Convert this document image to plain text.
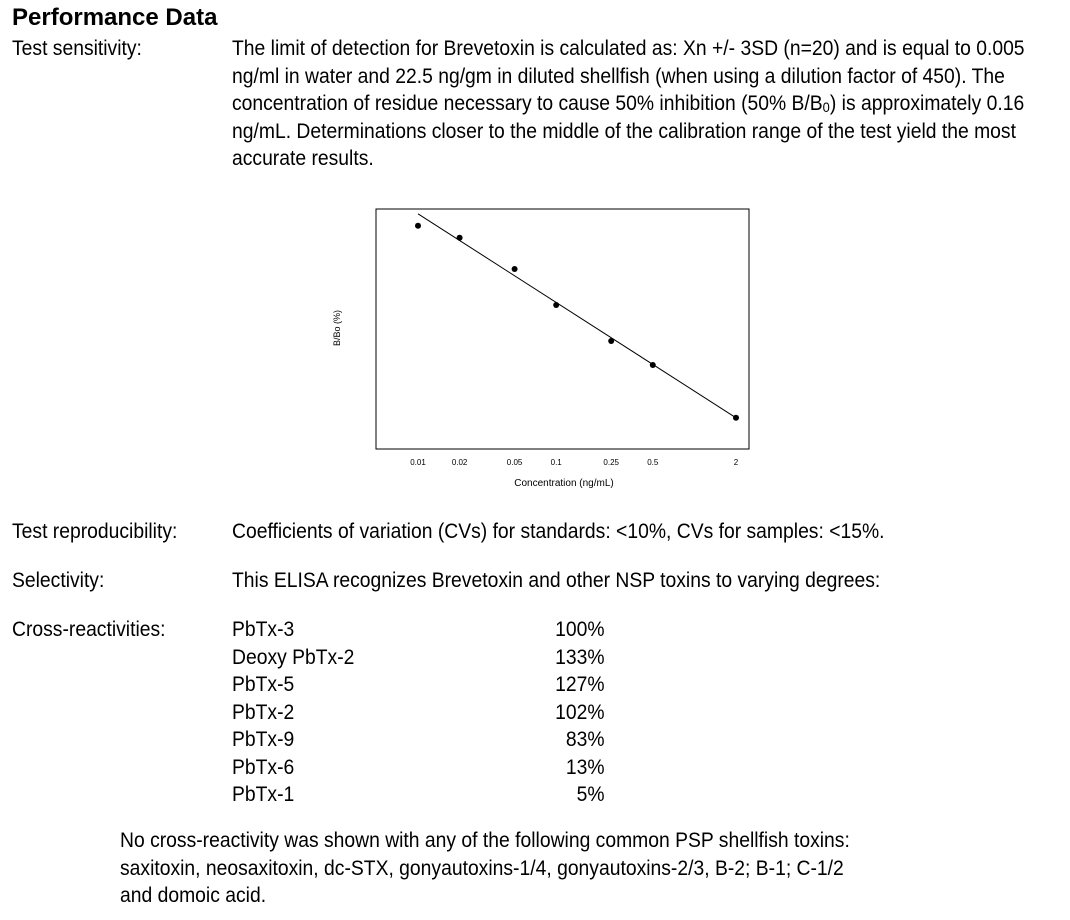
Performance Data
Test sensitivity:	The limit of detection for Brevetoxin is calculated as: Xn +/- 3SD (n=20) and is equal to 0.005
ng/ml in water and 22.5 ng/gm in diluted shellfish (when using a dilution factor of 450). The
concentration of residue necessary to cause 50% inhibition (50% $B/B_0$) is approximately 0.16
ng/mL. Determinations closer to the middle of the calibration range of the test yield the most
accurate results.
0.01	0.02	0.05	0.1	0.25	0.5	2
Concentration (ng/mL)
B/Bo (%)
Test reproducibility:	Coefficients of variation (CVs) for standards: <10%, CVs for samples: <15%.
Selectivity:	This ELISA recognizes Brevetoxin and other NSP toxins to varying degrees:
Cross-reactivities:	PbTx-3	100%
Deoxy PbTx-2	133%
PbTx-5	127%
PbTx-2	102%
PbTx-9	83%
PbTx-6	13%
PbTx-1	5%
No cross-reactivity was shown with any of the following common PSP shellfish toxins:
saxitoxin, neosaxitoxin, dc-STX, gonyautoxins-1/4, gonyautoxins-2/3, B-2; B-1; C-1/2
and domoic acid.
